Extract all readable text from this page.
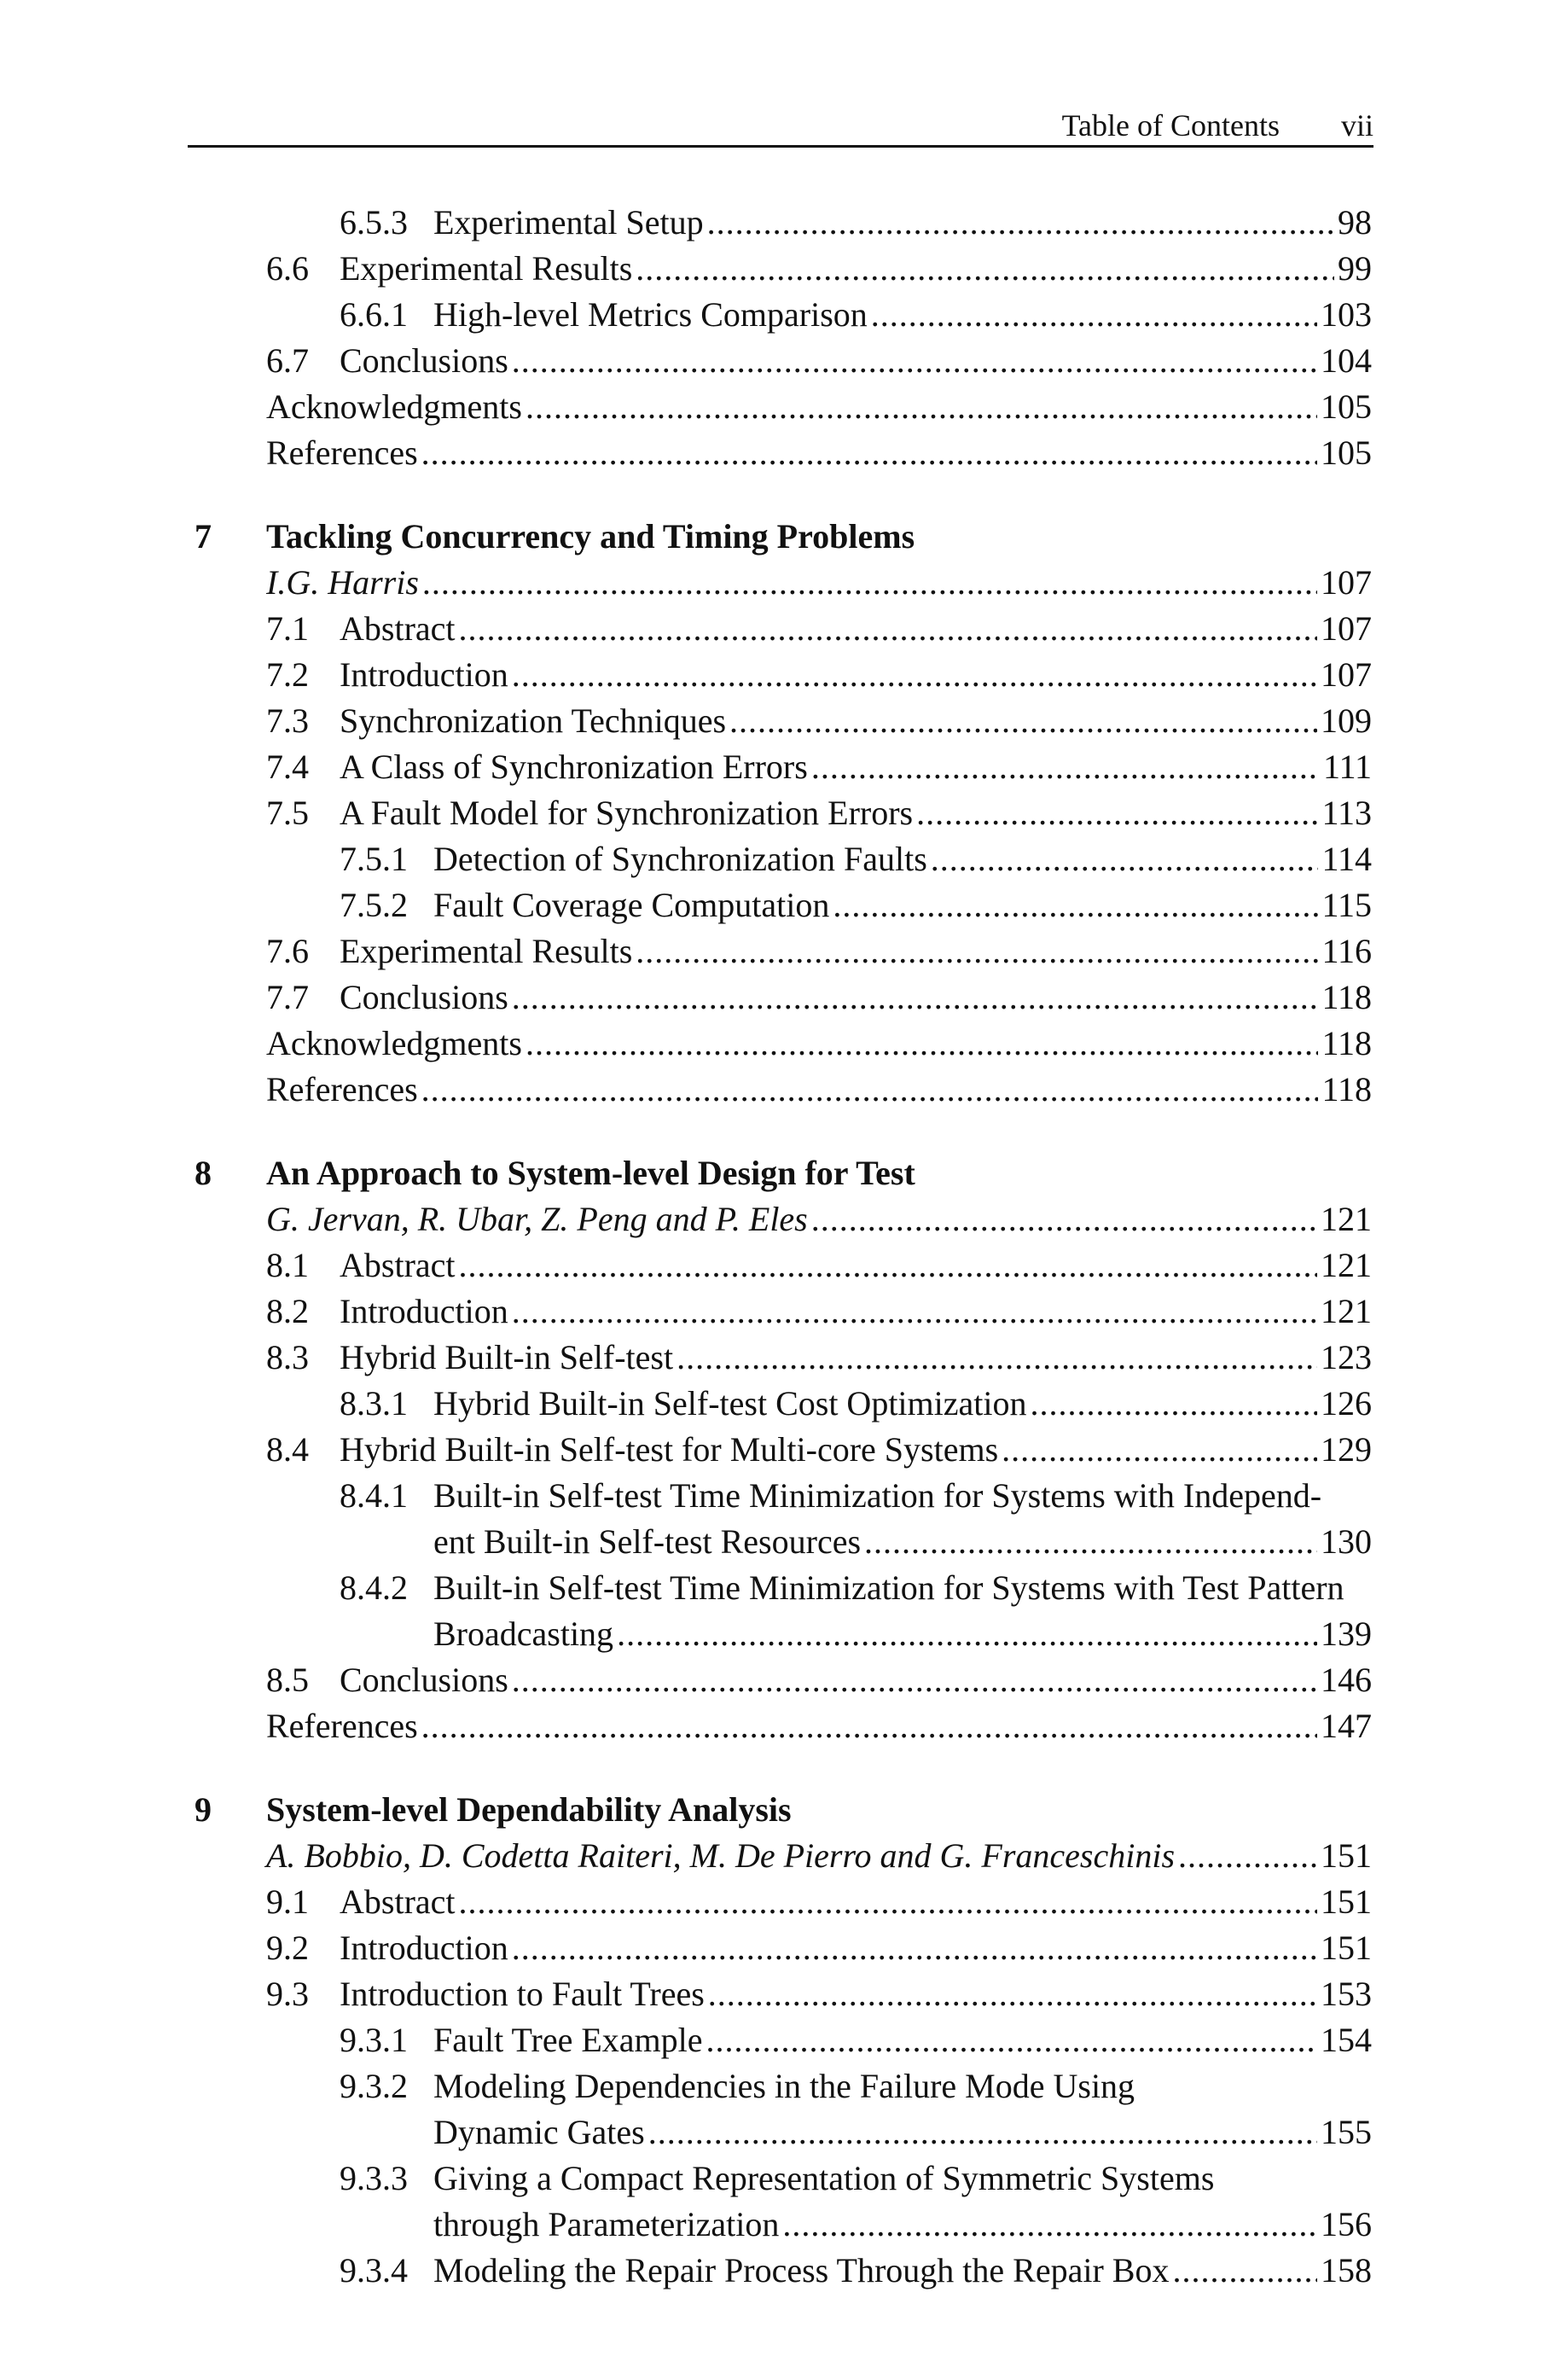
Table of Contents vii
6.5.3 Experimental Setup .....	98
6.6 Experimental Results .....	99
6.6.1 High-level Metrics Comparison .....	103
6.7 Conclusions .....	104
Acknowledgments .....	105
References .....	105
7 Tackling Concurrency and Timing Problems
I.G. Harris .....	107
7.1 Abstract .....	107
7.2 Introduction .....	107
7.3 Synchronization Techniques .....	109
7.4 A Class of Synchronization Errors .....	111
7.5 A Fault Model for Synchronization Errors .....	113
7.5.1 Detection of Synchronization Faults .....	114
7.5.2 Fault Coverage Computation .....	115
7.6 Experimental Results .....	116
7.7 Conclusions .....	118
Acknowledgments .....	118
References .....	118
8 An Approach to System-level Design for Test
G. Jervan, R. Ubar, Z. Peng and P. Eles .....	121
8.1 Abstract .....	121
8.2 Introduction .....	121
8.3 Hybrid Built-in Self-test .....	123
8.3.1 Hybrid Built-in Self-test Cost Optimization .....	126
8.4 Hybrid Built-in Self-test for Multi-core Systems .....	129
8.4.1 Built-in Self-test Time Minimization for Systems with Independ-
ent Built-in Self-test Resources .....	130
8.4.2 Built-in Self-test Time Minimization for Systems with Test Pattern
Broadcasting .....	139
8.5 Conclusions .....	146
References .....	147
9 System-level Dependability Analysis
A. Bobbio, D. Codetta Raiteri, M. De Pierro and G. Franceschinis .....	151
9.1 Abstract .....	151
9.2 Introduction .....	151
9.3 Introduction to Fault Trees .....	153
9.3.1 Fault Tree Example .....	154
9.3.2 Modeling Dependencies in the Failure Mode Using
Dynamic Gates .....	155
9.3.3 Giving a Compact Representation of Symmetric Systems
through Parameterization .....	156
9.3.4 Modeling the Repair Process Through the Repair Box .....	158
